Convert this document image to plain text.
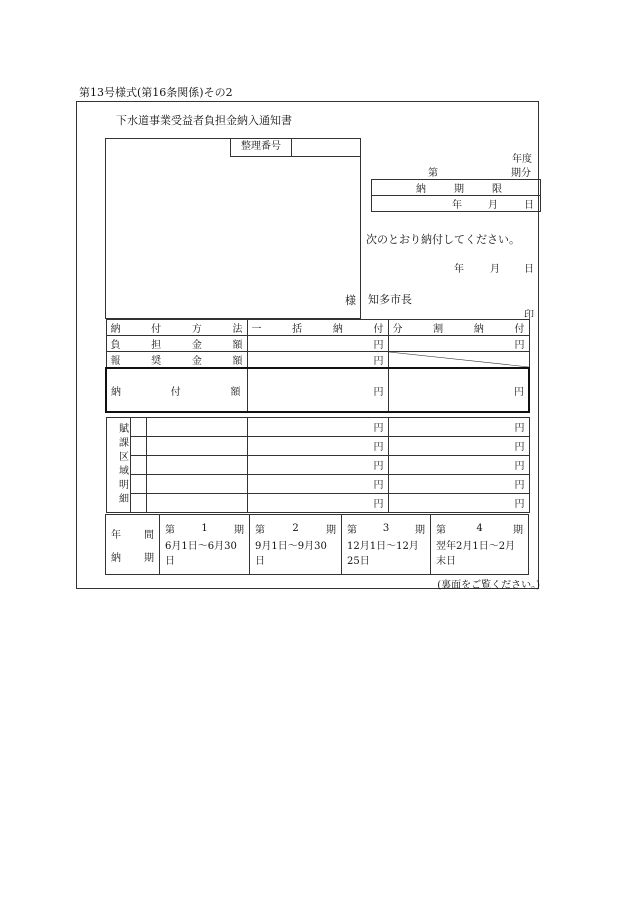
第13号様式(第16条関係)その2
下水道事業受益者負担金納入通知書
整理番号
様
年度
第	期分
納	期	限

年	月	日
次のとおり納付してください。
年	月 日
知多市長
印
納 付 方 法			一 括 納 付	分 割 納 付

負 担 金 額			円	円

報 奨 金 額			円	

納 付 額			円	円

賦課区域明細			円	円
			円	円
			円	円
			円	円
			円	円
年 間
納 期

第	1	期
6月1日～6月30日

第	2	期
9月1日～9月30日

第	3	期
12月1日～12月25日

第	4	期
翌年2月1日～2月末日
(裏面をご覧ください。)
